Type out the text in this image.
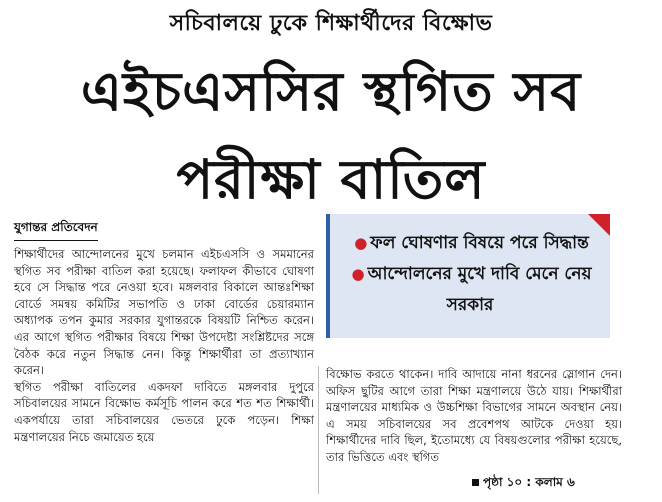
সচিবালয়ে ঢুকে শিক্ষার্থীদের বিক্ষোভ
এইচএসসির স্থগিত সব
পরীক্ষা বাতিল
যুগান্তর প্রতিবেদন

শিক্ষার্থীদের আন্দোলনের মুখে চলমান এইচএসসি ও সমমানের স্থগিত সব পরীক্ষা বাতিল করা হয়েছে। ফলাফল কীভাবে ঘোষণা হবে সে সিদ্ধান্ত পরে নেওয়া হবে। মঙ্গলবার বিকালে আন্তঃশিক্ষা বোর্ডে সমন্বয় কমিটির সভাপতি ও ঢাকা বোর্ডের চেয়ারম্যান অধ্যাপক তপন কুমার সরকার যুগান্তরকে বিষয়টি নিশ্চিত করেন। এর আগে স্থগিত পরীক্ষার বিষয়ে শিক্ষা উপদেষ্টা সংশ্লিষ্টদের সঙ্গে বৈঠক করে নতুন সিদ্ধান্ত নেন। কিন্তু শিক্ষার্থীরা তা প্রত্যাখ্যান করেন।

স্থগিত পরীক্ষা বাতিলের একদফা দাবিতে মঙ্গলবার দুপুরে সচিবালয়ের সামনে বিক্ষোভ কর্মসূচি পালন করে শত শত শিক্ষার্থী। একপর্যায়ে তারা সচিবালয়ের ভেতরে ঢুকে পড়েন। শিক্ষা মন্ত্রণালয়ের নিচে জমায়েত হয়ে

● ফল ঘোষণার বিষয়ে পরে সিদ্ধান্ত ● আন্দোলনের মুখে দাবি মেনে নেয় সরকার

বিক্ষোভ করতে থাকেন। দাবি আদায়ে নানা ধরনের স্লোগান দেন। অফিস ছুটির আগে তারা শিক্ষা মন্ত্রণালয়ে উঠে যায়। শিক্ষার্থীরা মন্ত্রণালয়ের মাধ্যমিক ও উচ্চশিক্ষা বিভাগের সামনে অবস্থান নেয়। এ সময় সচিবালয়ের সব প্রবেশপথ আটকে দেওয়া হয়। শিক্ষার্থীদের দাবি ছিল, ইতোমধ্যে যে বিষয়গুলোর পরীক্ষা হয়েছে, তার ভিত্তিতে এবং স্থগিত

পৃষ্ঠা ১০ : কলাম ৬
